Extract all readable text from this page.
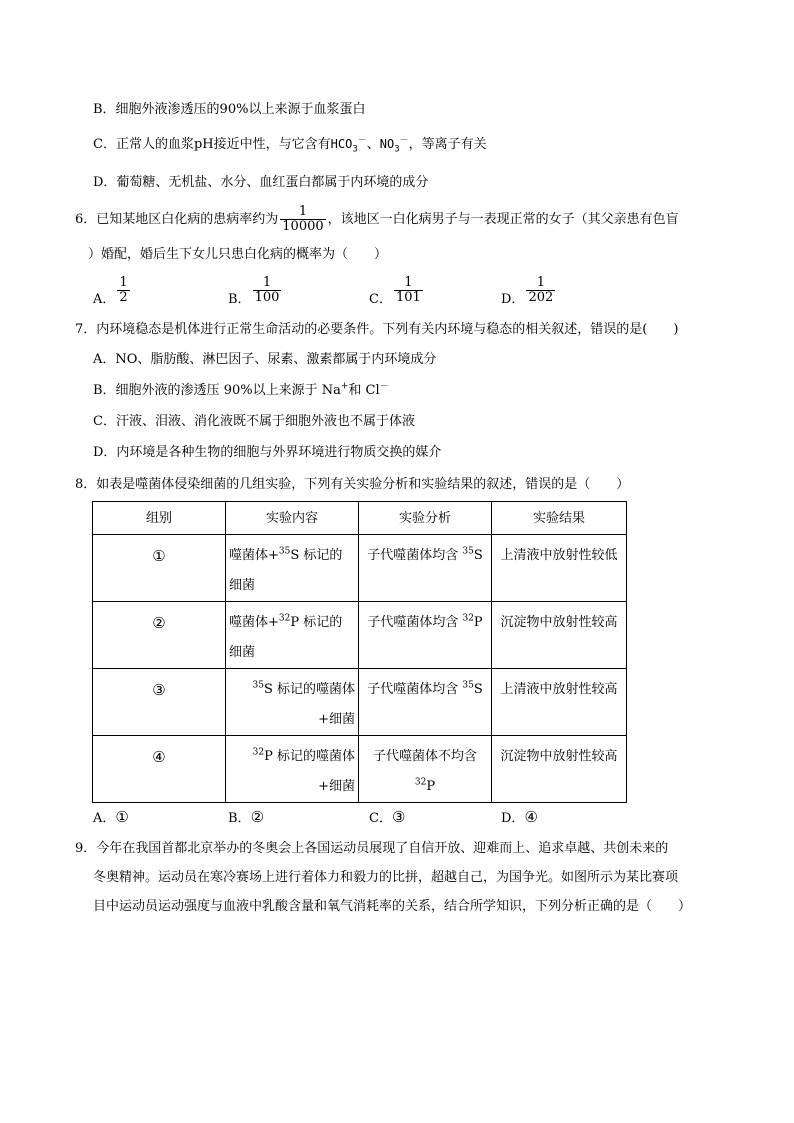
B．细胞外液渗透压的90%以上来源于血浆蛋白
C．正常人的血浆pH接近中性，与它含有$HCO_3^-$、$NO_3^-$，等离子有关
D．葡萄糖、无机盐、水分、血红蛋白都属于内环境的成分
6．已知某地区白化病的患病率约为 $\frac{1}{10000}$ ，该地区一白化病男子与一表现正常的女子（其父亲患有色盲
）婚配，婚后生下女儿只患白化病的概率为（　　）
A． $\frac{1}{2}$	B． $\frac{1}{100}$	C． $\frac{1}{101}$	D． $\frac{1}{202}$
7．内环境稳态是机体进行正常生命活动的必要条件。下列有关内环境与稳态的相关叙述，错误的是(　　)
A．NO、脂肪酸、淋巴因子、尿素、激素都属于内环境成分
B．细胞外液的渗透压 90%以上来源于 Na+和 Cl－
C．汗液、泪液、消化液既不属于细胞外液也不属于体液
D．内环境是各种生物的细胞与外界环境进行物质交换的媒介
8．如表是噬菌体侵染细菌的几组实验，下列有关实验分析和实验结果的叙述，错误的是（　　）
组别	实验内容	实验分析	实验结果
①	噬菌体+$^{35}$S 标记的细菌	子代噬菌体均含 $^{35}$S	上清液中放射性较低
②	噬菌体+$^{32}$P 标记的细菌	子代噬菌体均含 $^{32}$P	沉淀物中放射性较高
③	$^{35}$S 标记的噬菌体+细菌	子代噬菌体均含 $^{35}$S	上清液中放射性较高
④	$^{32}$P 标记的噬菌体+细菌	子代噬菌体不均含 $^{32}$P	沉淀物中放射性较高
A．①	B．②	C．③	D．④
9．今年在我国首都北京举办的冬奥会上各国运动员展现了自信开放、迎难而上、追求卓越、共创未来的
冬奥精神。运动员在寒冷赛场上进行着体力和毅力的比拼，超越自己，为国争光。如图所示为某比赛项
目中运动员运动强度与血液中乳酸含量和氧气消耗率的关系，结合所学知识，下列分析正确的是（　　）
